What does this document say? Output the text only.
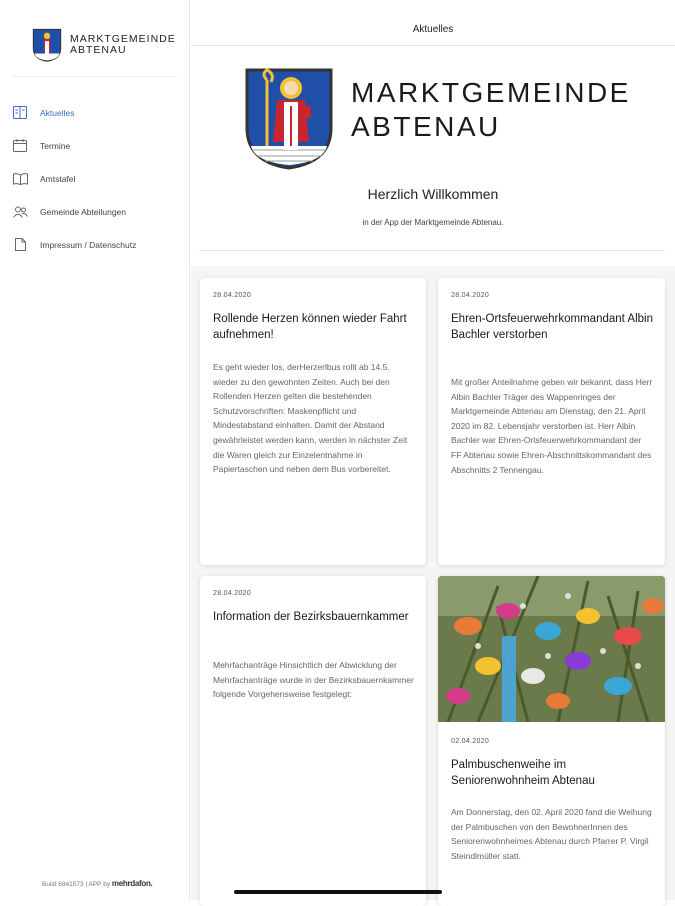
MARKTGEMEINDE
ABTENAU
Aktuelles
Termine
Amtstafel
Gemeinde Abteilungen
Impressum / Datenschutz
Build 6841573 | APP by mehrdafon.
Aktuelles
MARKTGEMEINDE
ABTENAU
Herzlich Willkommen
in der App der Marktgemeinde Abtenau.
28.04.2020
Rollende Herzen können wieder Fahrt aufnehmen!
Es geht wieder los, derHerzerlbus rollt ab 14.5. wieder zu den gewohnten Zeiten. Auch bei den Rollenden Herzen gelten die bestehenden Schutzvorschriften: Maskenpflicht und Mindestabstand einhalten. Damit der Abstand gewährleistet werden kann, werden in nächster Zeit die Waren gleich zur Einzelentnahme in Papiertaschen und neben dem Bus vorbereitet.
28.04.2020
Ehren-Ortsfeuerwehrkommandant Albin Bachler verstorben
Mit großer Anteilnahme geben wir bekannt, dass Herr Albin Bachler Träger des Wappenringes der Marktgemeinde Abtenau am Dienstag, den 21. April 2020 im 82. Lebensjahr verstorben ist. Herr Albin Bachler war Ehren-Ortsfeuerwehrkommandant der FF Abtenau sowie Ehren-Abschnittskommandant des Abschnitts 2 Tennengau.
28.04.2020
Information der Bezirksbauernkammer
Mehrfachanträge Hinsichtlich der Abwicklung der Mehrfachanträge wurde in der Bezirksbauernkammer folgende Vorgehensweise festgelegt:
02.04.2020
Palmbuschenweihe im Seniorenwohnheim Abtenau
Am Donnerstag, den 02. April 2020 fand die Weihung der Palmbuschen von den BewohnerInnen des Seniorenwohnheimes Abtenau durch Pfarrer P. Virgil Steindlmüller statt.
